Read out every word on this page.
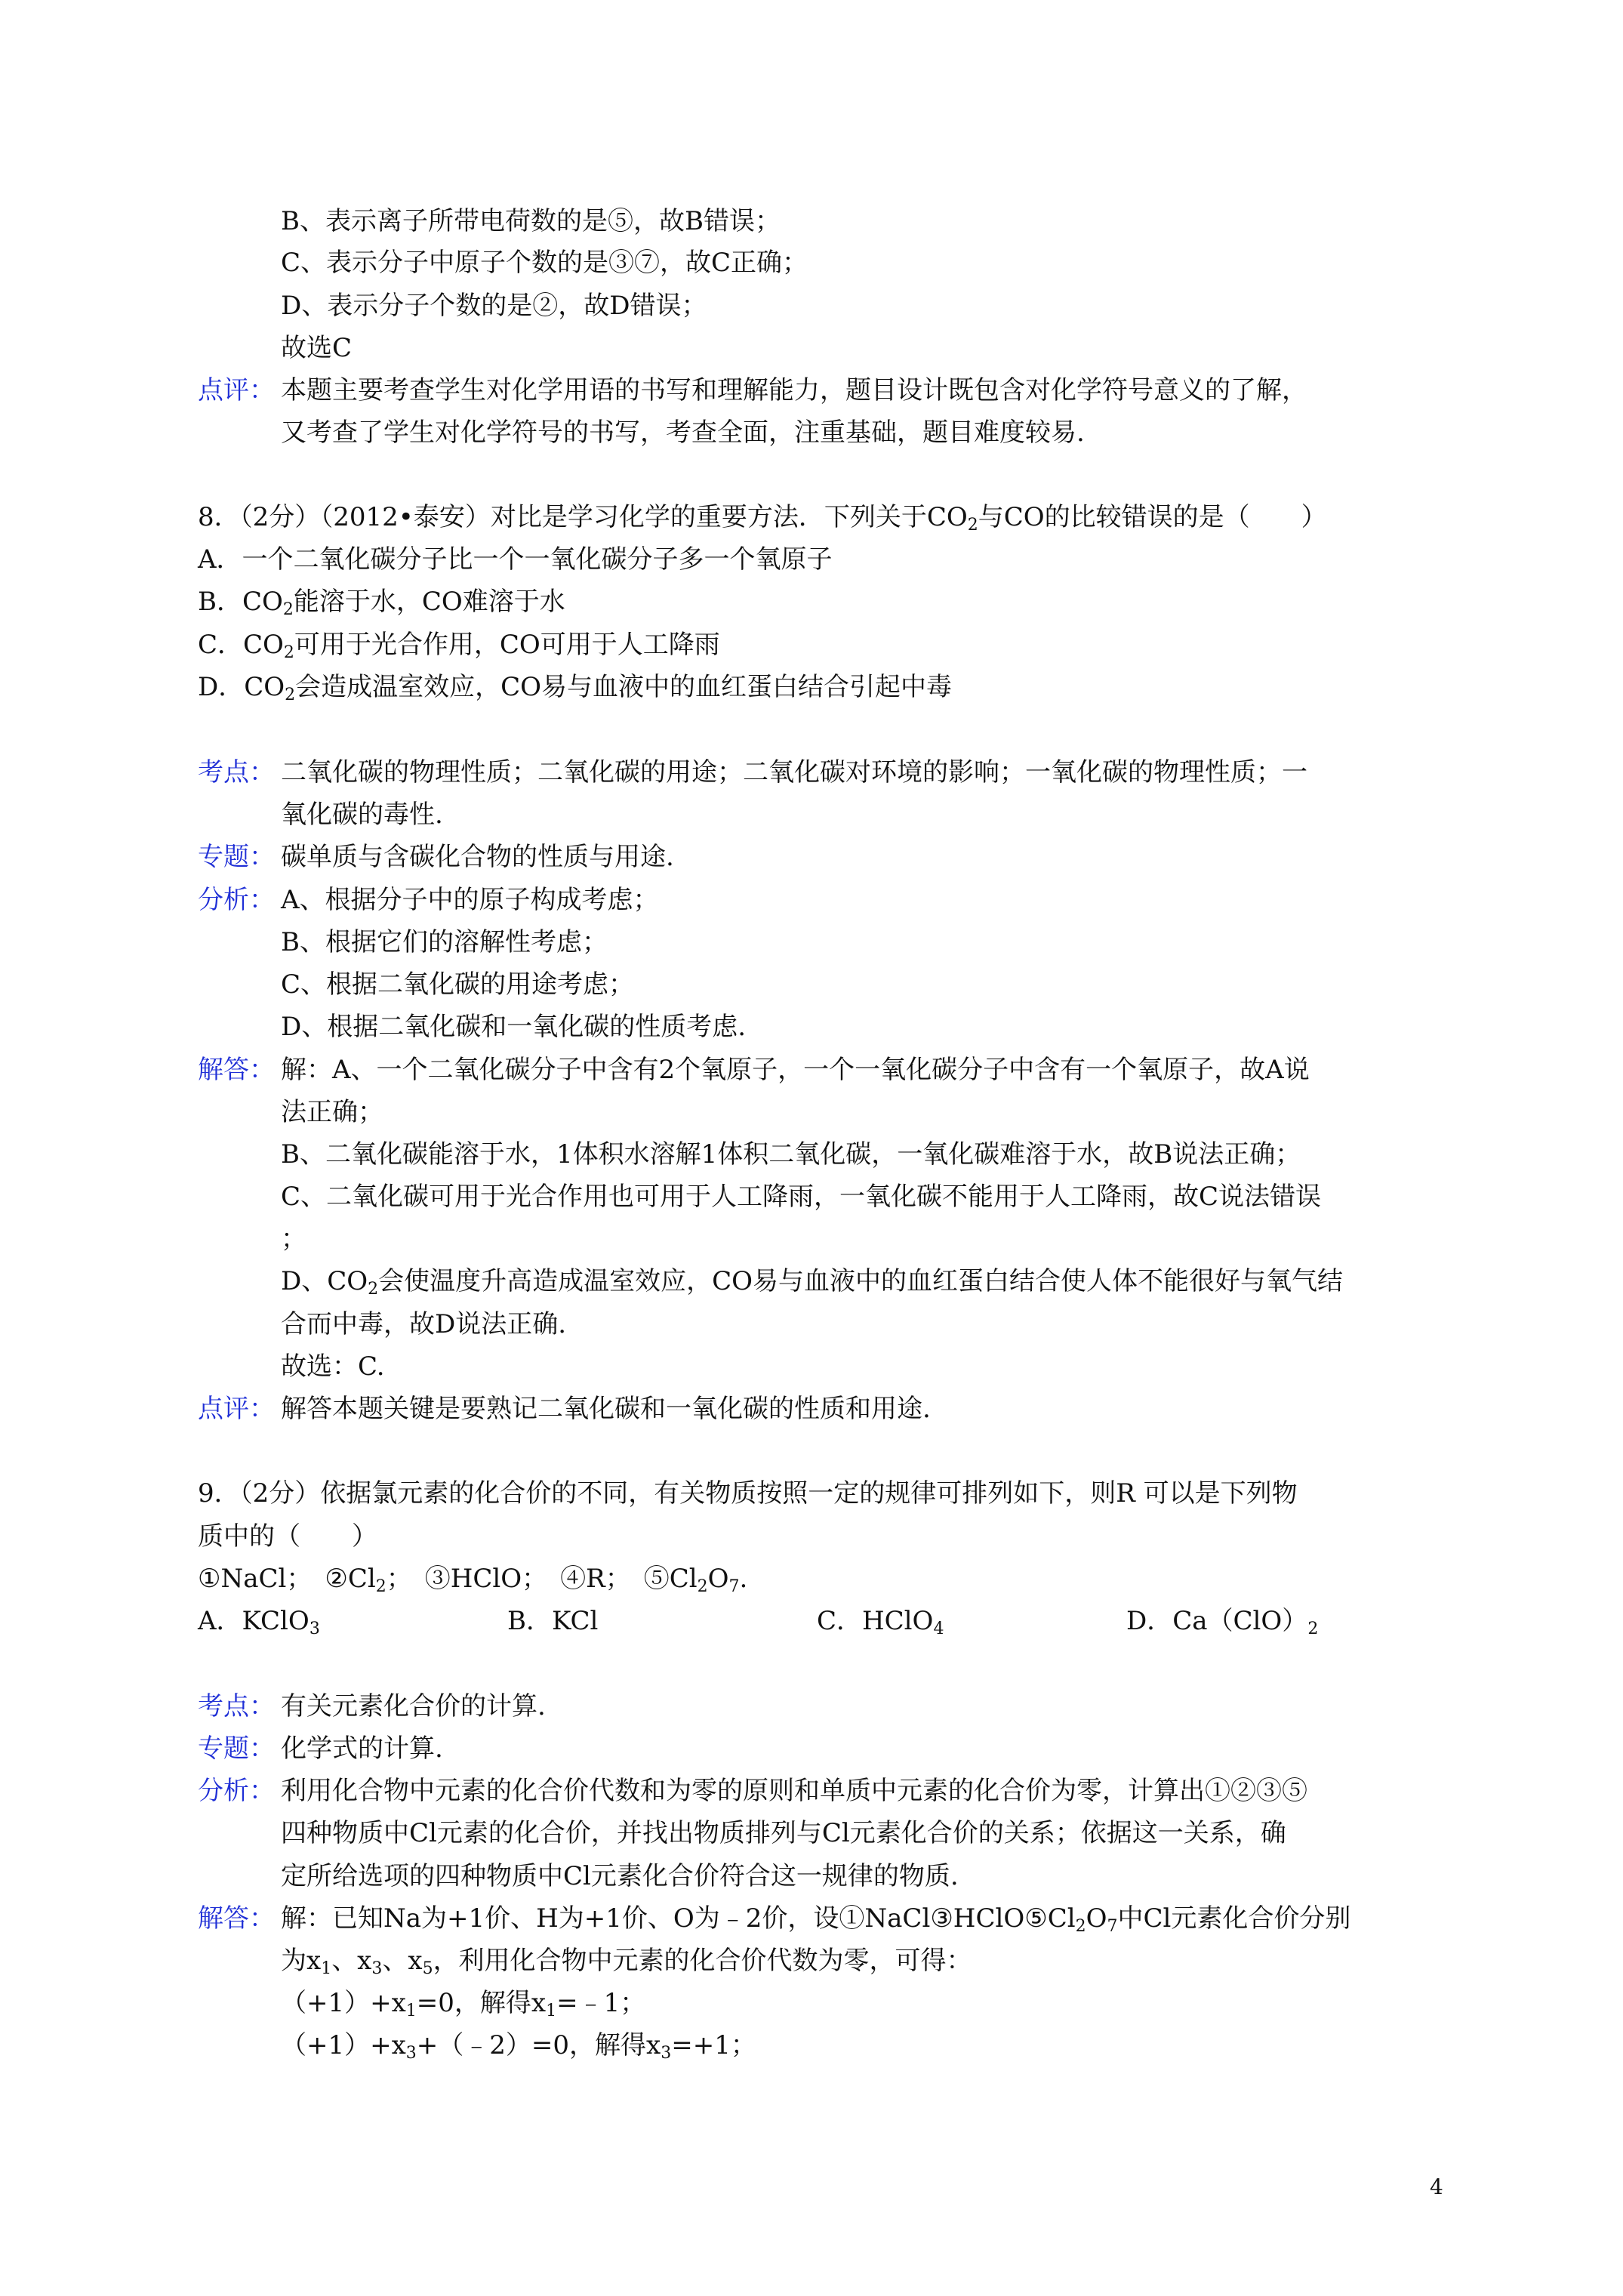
B、表示离子所带电荷数的是⑤，故B错误；
C、表示分子中原子个数的是③⑦，故C正确；
D、表示分子个数的是②，故D错误；
故选C
点评： 本题主要考查学生对化学用语的书写和理解能力，题目设计既包含对化学符号意义的了解，
又考查了学生对化学符号的书写，考查全面，注重基础，题目难度较易.
8．（2分）（2012•泰安）对比是学习化学的重要方法．下列关于$CO_2$与CO的比较错误的是（　　）
A．一个二氧化碳分子比一个一氧化碳分子多一个氧原子
B．$CO_2$能溶于水，CO难溶于水
C．$CO_2$可用于光合作用，CO可用于人工降雨
D．$CO_2$会造成温室效应，CO易与血液中的血红蛋白结合引起中毒
考点： 二氧化碳的物理性质；二氧化碳的用途；二氧化碳对环境的影响；一氧化碳的物理性质；一
氧化碳的毒性.
专题： 碳单质与含碳化合物的性质与用途.
分析： A、根据分子中的原子构成考虑；
B、根据它们的溶解性考虑；
C、根据二氧化碳的用途考虑；
D、根据二氧化碳和一氧化碳的性质考虑.
解答： 解：A、一个二氧化碳分子中含有2个氧原子，一个一氧化碳分子中含有一个氧原子，故A说
法正确；
B、二氧化碳能溶于水，1体积水溶解1体积二氧化碳，一氧化碳难溶于水，故B说法正确；
C、二氧化碳可用于光合作用也可用于人工降雨，一氧化碳不能用于人工降雨，故C说法错误
；
D、$CO_2$会使温度升高造成温室效应，CO易与血液中的血红蛋白结合使人体不能很好与氧气结
合而中毒，故D说法正确.
故选：C.
点评： 解答本题关键是要熟记二氧化碳和一氧化碳的性质和用途.
9．（2分）依据氯元素的化合价的不同，有关物质按照一定的规律可排列如下，则R 可以是下列物
质中的（　　）
①NaCl；　$②Cl_2$；　③HClO；　④R；　$⑤Cl_2O_7$.
A．KClO$_3$	B．KCl	C．HClO$_4$	D．$Ca(ClO)_2$
考点： 有关元素化合价的计算.
专题： 化学式的计算.
分析： 利用化合物中元素的化合价代数和为零的原则和单质中元素的化合价为零，计算出①②③⑤
四种物质中Cl元素的化合价，并找出物质排列与Cl元素化合价的关系；依据这一关系，确
定所给选项的四种物质中Cl元素化合价符合这一规律的物质.
解答： 解：已知Na为+1价、H为+1价、O为﹣2价，设$①NaCl③HClO⑤Cl_2O_7$中Cl元素化合价分别
为$x_1$、$x_3$、$x_5$，利用化合物中元素的化合价代数为零，可得：
$(+1)+x_1=0$，解得$x_1=﹣1$；
$(+1)+x_3+(﹣2)=0$，解得$x_3=+1$；
4
